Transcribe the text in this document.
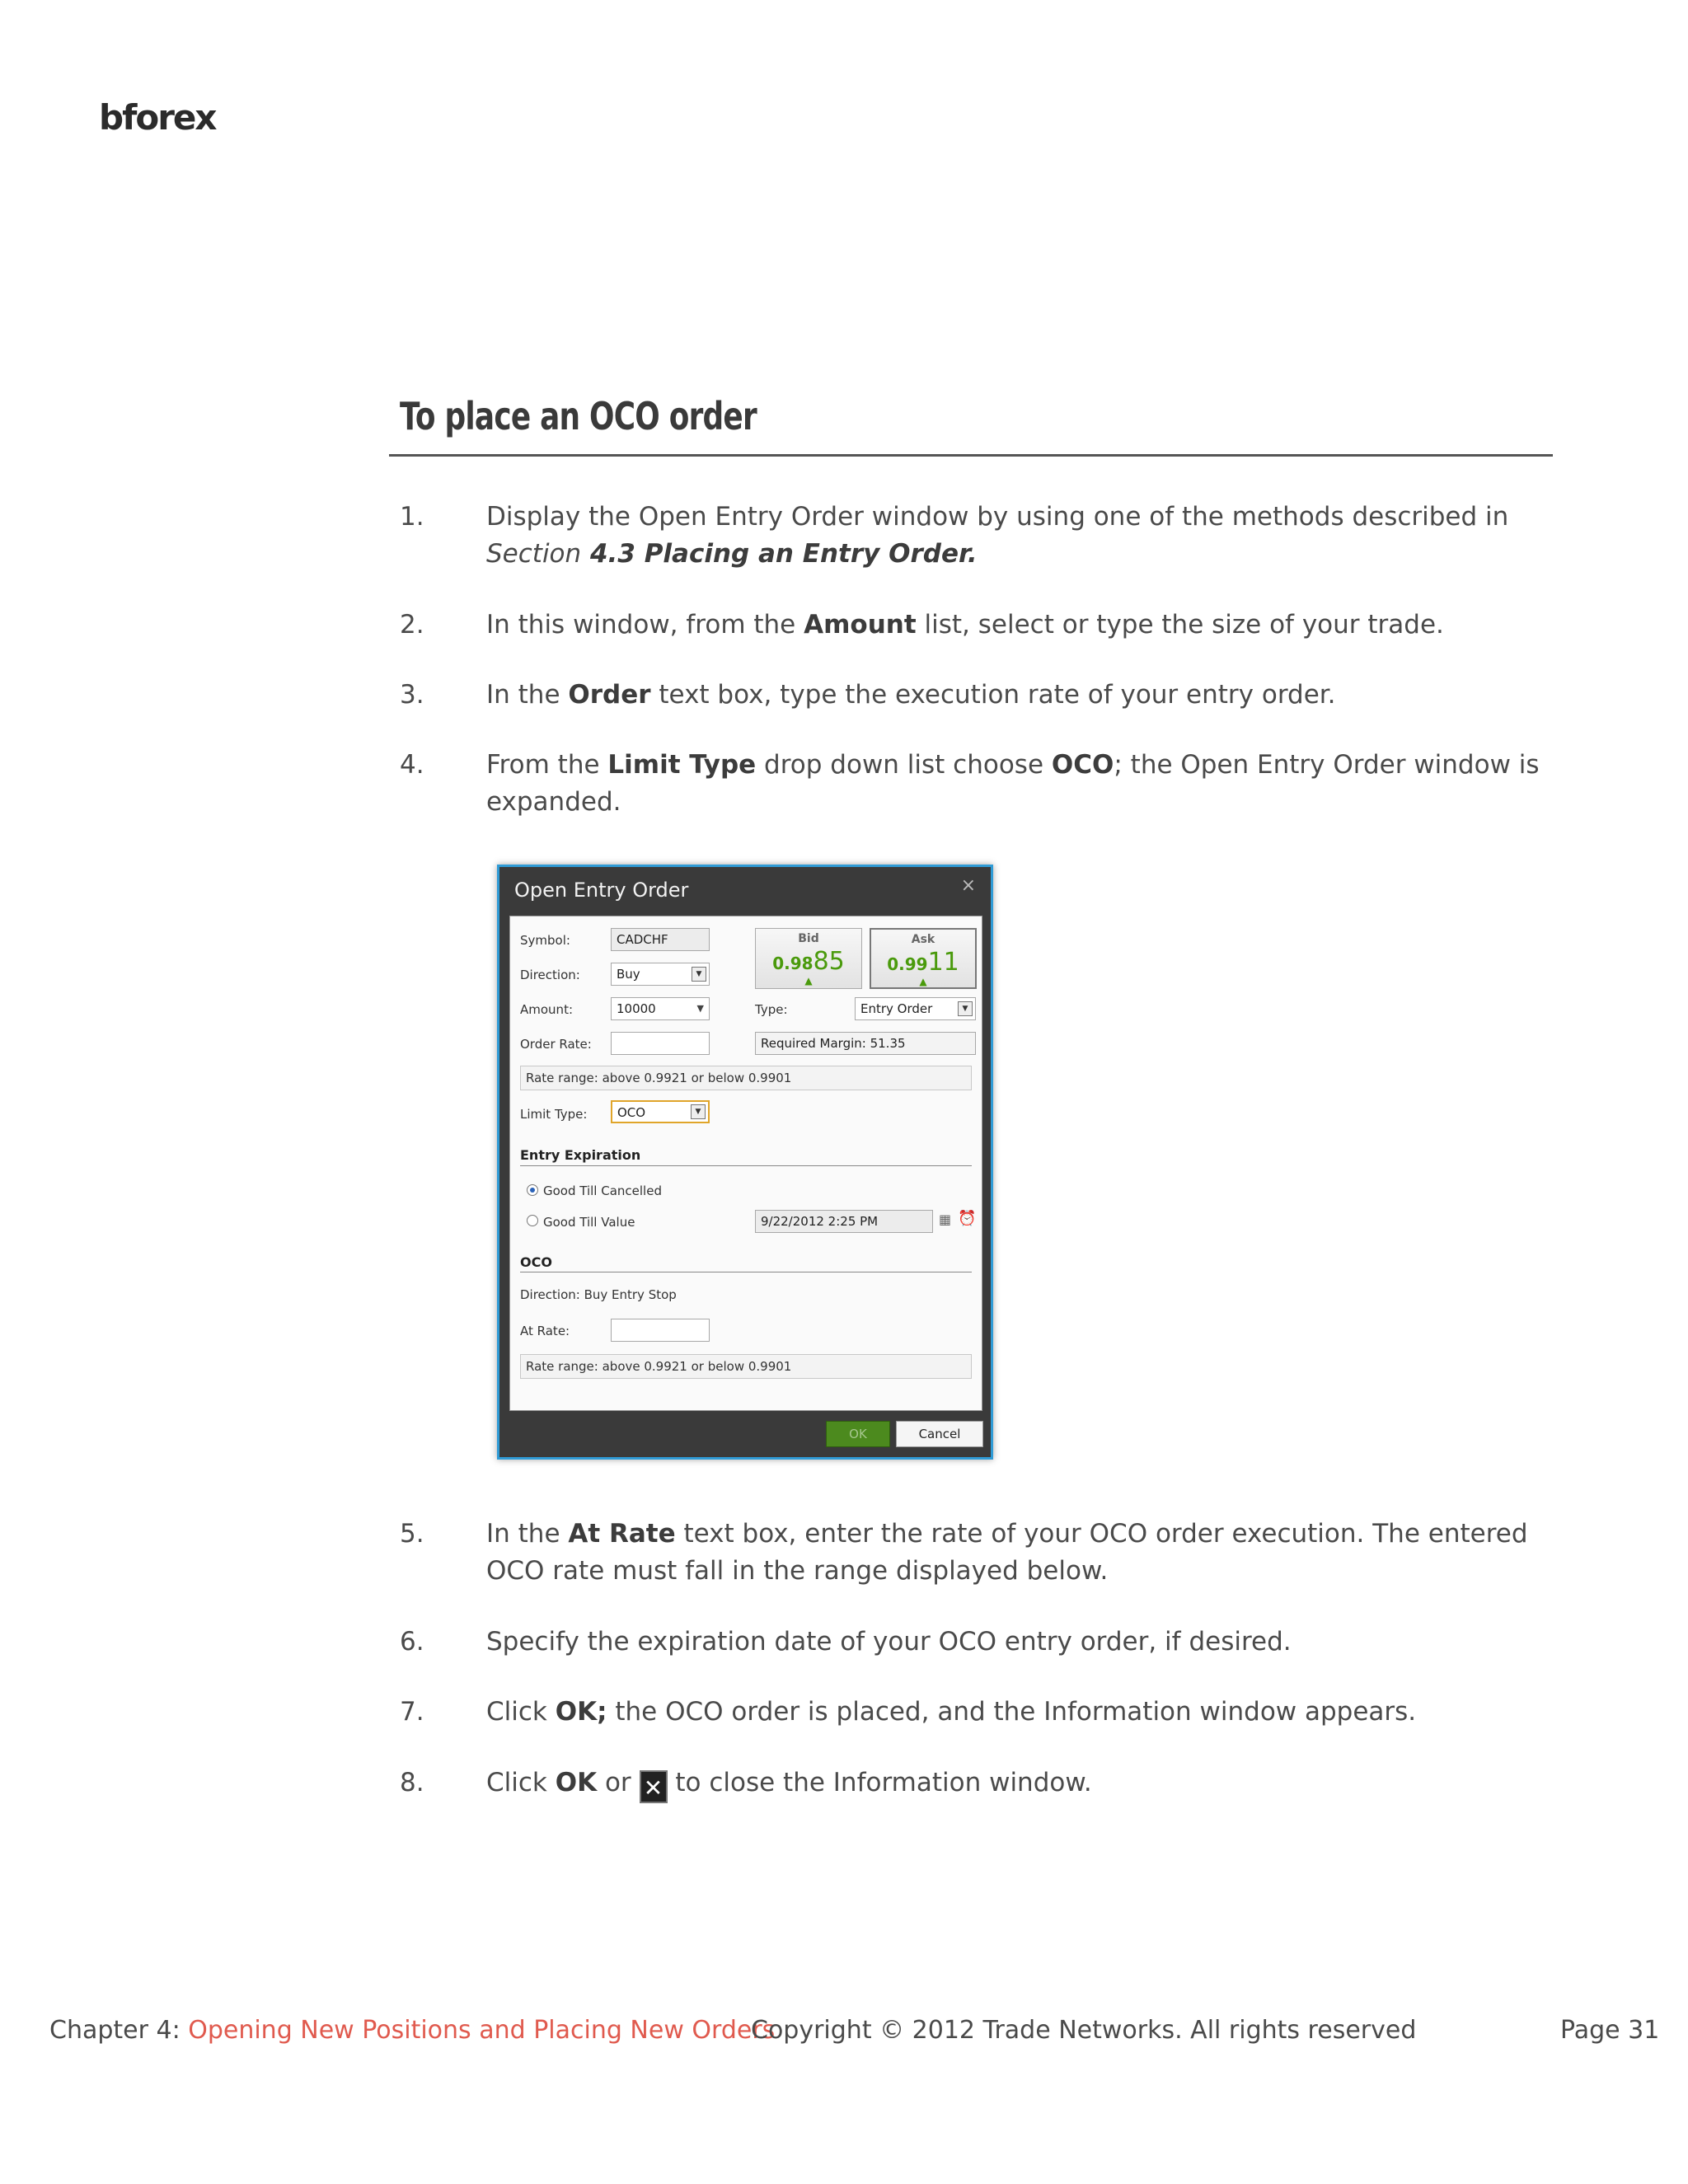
bforex
To place an OCO order
1. Display the Open Entry Order window by using one of the methods described in
Section 4.3 Placing an Entry Order.
2. In this window, from the Amount list, select or type the size of your trade.
3. In the Order text box, type the execution rate of your entry order.
4. From the Limit Type drop down list choose OCO; the Open Entry Order window is expanded.
Open Entry Order	×
Symbol:	CADCHF
Direction:	Buy	▼
Amount:	10000	▼
Order Rate:
Bid
0.9885
▲
Ask
0.9911
▲
Type:	Entry Order	▼
Required Margin: 51.35
Rate range: above 0.9921 or below 0.9901
Limit Type:	OCO	▼
Entry Expiration
Good Till Cancelled
Good Till Value	9/22/2012 2:25 PM	▦ ⏰
OCO
Direction: Buy Entry Stop
At Rate:
Rate range: above 0.9921 or below 0.9901
OK	Cancel
5. In the At Rate text box, enter the rate of your OCO order execution. The entered OCO rate must fall in the range displayed below.
6. Specify the expiration date of your OCO entry order, if desired.
7. Click OK; the OCO order is placed, and the Information window appears.
8. Click OK or ✕ to close the Information window.
Chapter 4: Opening New Positions and Placing New Orders
Copyright © 2012 Trade Networks. All rights reserved	Page 31
